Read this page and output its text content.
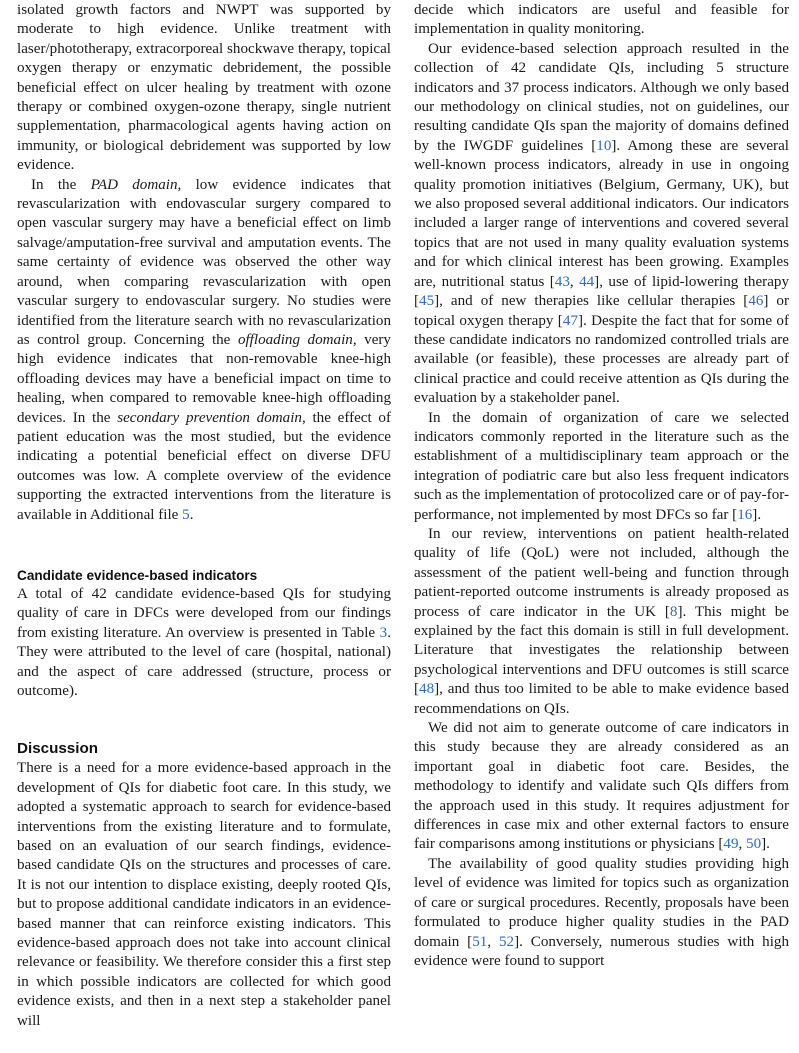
isolated growth factors and NWPT was supported by moderate to high evidence. Unlike treatment with laser/phototherapy, extracorporeal shockwave therapy, topical oxygen therapy or enzymatic debridement, the possible beneficial effect on ulcer healing by treatment with ozone therapy or combined oxygen-ozone therapy, single nutrient supplementation, pharmacological agents having action on immunity, or biological debridement was supported by low evidence.

In the PAD domain, low evidence indicates that revascularization with endovascular surgery compared to open vascular surgery may have a beneficial effect on limb salvage/amputation-free survival and amputation events. The same certainty of evidence was observed the other way around, when comparing revascularization with open vascular surgery to endovascular surgery. No studies were identified from the literature search with no revascularization as control group. Concerning the offloading domain, very high evidence indicates that non-removable knee-high offloading devices may have a beneficial impact on time to healing, when compared to removable knee-high offloading devices. In the secondary prevention domain, the effect of patient education was the most studied, but the evidence indicating a potential beneficial effect on diverse DFU outcomes was low. A complete overview of the evidence supporting the extracted interventions from the literature is available in Additional file 5.

Candidate evidence-based indicators

A total of 42 candidate evidence-based QIs for studying quality of care in DFCs were developed from our findings from existing literature. An overview is presented in Table 3. They were attributed to the level of care (hospital, national) and the aspect of care addressed (structure, process or outcome).

Discussion

There is a need for a more evidence-based approach in the development of QIs for diabetic foot care. In this study, we adopted a systematic approach to search for evidence-based interventions from the existing literature and to formulate, based on an evaluation of our search findings, evidence-based candidate QIs on the structures and processes of care. It is not our intention to displace existing, deeply rooted QIs, but to propose additional candidate indicators in an evidence-based manner that can reinforce existing indicators. This evidence-based approach does not take into account clinical relevance or feasibility. We therefore consider this a first step in which possible indicators are collected for which good evidence exists, and then in a next step a stakeholder panel will

decide which indicators are useful and feasible for implementation in quality monitoring.

Our evidence-based selection approach resulted in the collection of 42 candidate QIs, including 5 structure indicators and 37 process indicators. Although we only based our methodology on clinical studies, not on guidelines, our resulting candidate QIs span the majority of domains defined by the IWGDF guidelines [10]. Among these are several well-known process indicators, already in use in ongoing quality promotion initiatives (Belgium, Germany, UK), but we also proposed several additional indicators. Our indicators included a larger range of interventions and covered several topics that are not used in many quality evaluation systems and for which clinical interest has been growing. Examples are, nutritional status [43, 44], use of lipid-lowering therapy [45], and of new therapies like cellular therapies [46] or topical oxygen therapy [47]. Despite the fact that for some of these candidate indicators no randomized controlled trials are available (or feasible), these processes are already part of clinical practice and could receive attention as QIs during the evaluation by a stakeholder panel.

In the domain of organization of care we selected indicators commonly reported in the literature such as the establishment of a multidisciplinary team approach or the integration of podiatric care but also less frequent indicators such as the implementation of protocolized care or of pay-for-performance, not implemented by most DFCs so far [16].

In our review, interventions on patient health-related quality of life (QoL) were not included, although the assessment of the patient well-being and function through patient-reported outcome instruments is already proposed as process of care indicator in the UK [8]. This might be explained by the fact this domain is still in full development. Literature that investigates the relationship between psychological interventions and DFU outcomes is still scarce [48], and thus too limited to be able to make evidence based recommendations on QIs.

We did not aim to generate outcome of care indicators in this study because they are already considered as an important goal in diabetic foot care. Besides, the methodology to identify and validate such QIs differs from the approach used in this study. It requires adjustment for differences in case mix and other external factors to ensure fair comparisons among institutions or physicians [49, 50].

The availability of good quality studies providing high level of evidence was limited for topics such as organization of care or surgical procedures. Recently, proposals have been formulated to produce higher quality studies in the PAD domain [51, 52]. Conversely, numerous studies with high evidence were found to support
